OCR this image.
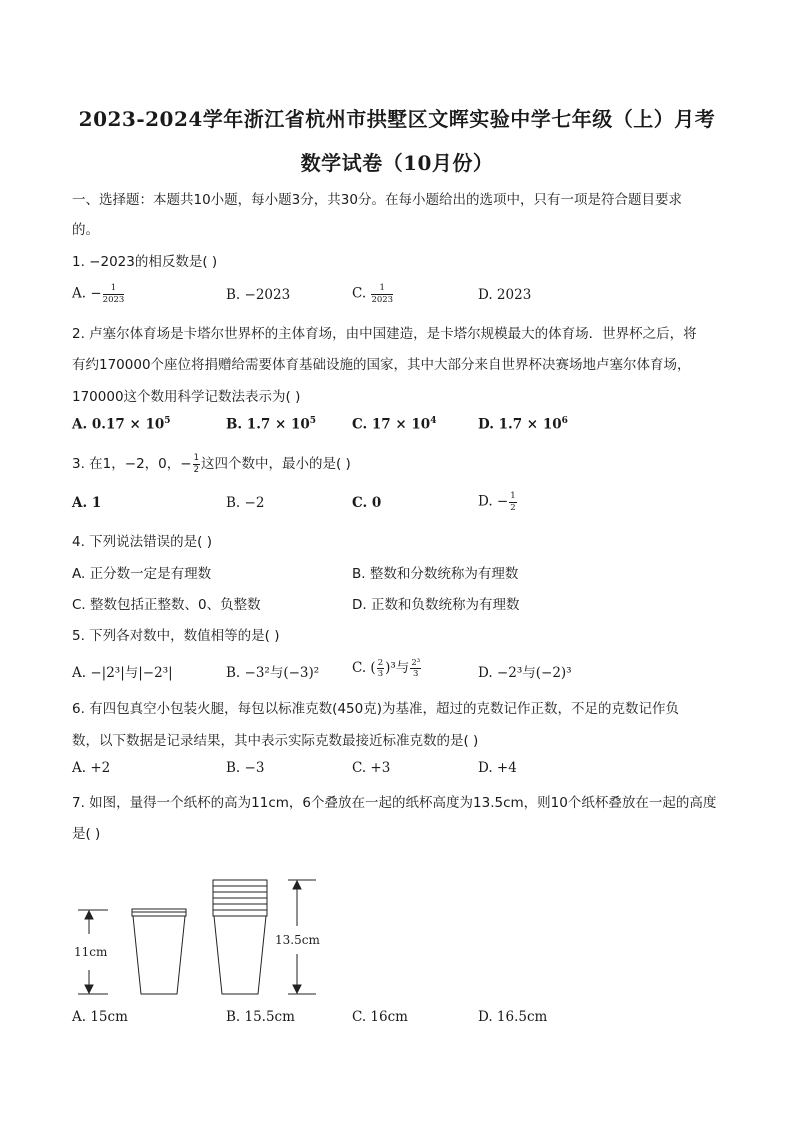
2023-2024学年浙江省杭州市拱墅区文晖实验中学七年级（上）月考
数学试卷（10月份）
一、选择题：本题共10小题，每小题3分，共30分。在每小题给出的选项中，只有一项是符合题目要求
的。
1. −2023的相反数是( )
A. − $\frac{1}{2023}$	B. −2023	C. $\frac{1}{2023}$	D. 2023
2. 卢塞尔体育场是卡塔尔世界杯的主体育场，由中国建造，是卡塔尔规模最大的体育场．世界杯之后，将
有约170000个座位将捐赠给需要体育基础设施的国家，其中大部分来自世界杯决赛场地卢塞尔体育场，
170000这个数用科学记数法表示为( )
A. $0.17 \times 10^5$	B. $1.7 \times 10^5$	C. $17 \times 10^4$	D. $1.7 \times 10^6$
3. 在1，−2，0，− $\frac{1}{2}$ 这四个数中，最小的是( )
A. 1	B. −2	C. 0	D. − $\frac{1}{2}$
4. 下列说法错误的是( )
A. 正分数一定是有理数	B. 整数和分数统称为有理数
C. 整数包括正整数、0、负整数	D. 正数和负数统称为有理数
5. 下列各对数中，数值相等的是( )
A. −|2³|与|−2³|	B. −3²与(−3)² C. ( $\frac{2}{3} )^3$与 $\frac{\text{2³}}{3}$	D. −2³与(−2)³
6. 有四包真空小包装火腿，每包以标准克数(450克)为基准，超过的克数记作正数，不足的克数记作负
数，以下数据是记录结果，其中表示实际克数最接近标准克数的是( )
A. +2	B. −3	C. +3	D. +4
7. 如图，量得一个纸杯的高为11cm，6个叠放在一起的纸杯高度为13.5cm，则10个纸杯叠放在一起的高度
是( )
11cm
13.5cm
A. 15cm	B. 15.5cm	C. 16cm	D. 16.5cm
